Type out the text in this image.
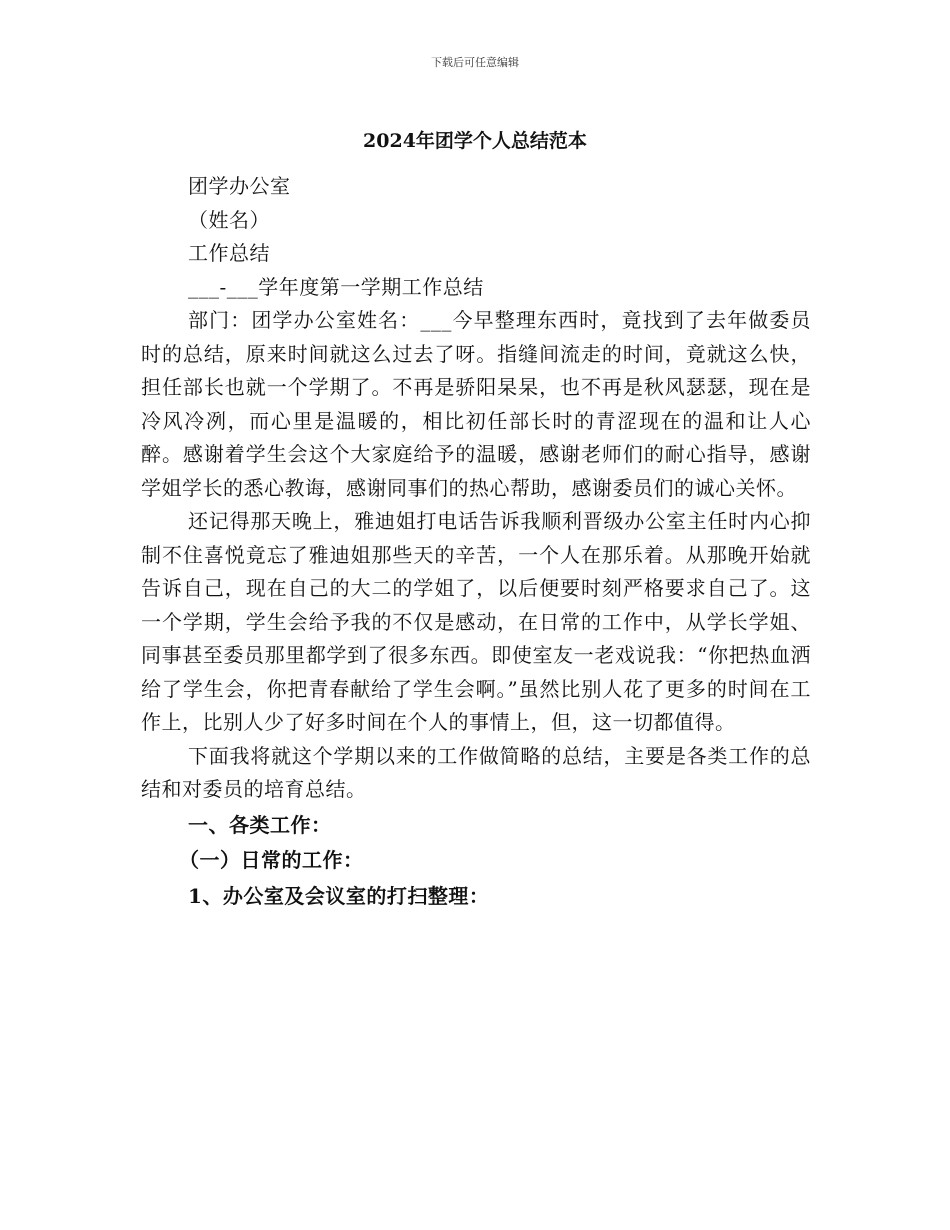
下载后可任意编辑
2024年团学个人总结范本

团学办公室

（姓名）

工作总结

___-___学年度第一学期工作总结

部门：团学办公室姓名：___今早整理东西时，竟找到了去年做委员时的总结，原来时间就这么过去了呀。指缝间流走的时间，竟就这么快，担任部长也就一个学期了。不再是骄阳杲杲，也不再是秋风瑟瑟，现在是冷风冷冽，而心里是温暖的，相比初任部长时的青涩现在的温和让人心醉。感谢着学生会这个大家庭给予的温暖，感谢老师们的耐心指导，感谢学姐学长的悉心教诲，感谢同事们的热心帮助，感谢委员们的诚心关怀。

还记得那天晚上，雅迪姐打电话告诉我顺利晋级办公室主任时内心抑制不住喜悦竟忘了雅迪姐那些天的辛苦，一个人在那乐着。从那晚开始就告诉自己，现在自己的大二的学姐了，以后便要时刻严格要求自己了。这一个学期，学生会给予我的不仅是感动，在日常的工作中，从学长学姐、同事甚至委员那里都学到了很多东西。即使室友一老戏说我：“你把热血洒给了学生会，你把青春献给了学生会啊。”虽然比别人花了更多的时间在工作上，比别人少了好多时间在个人的事情上，但，这一切都值得。

下面我将就这个学期以来的工作做简略的总结，主要是各类工作的总结和对委员的培育总结。

一、各类工作：

（一）日常的工作：

1、办公室及会议室的打扫整理：
